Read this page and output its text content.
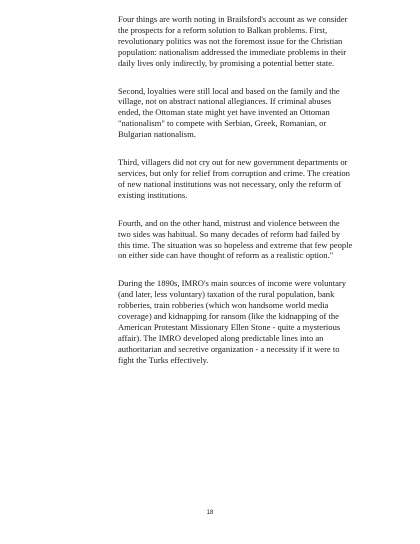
Four things are worth noting in Brailsford's account as we consider the prospects for a reform solution to Balkan problems. First, revolutionary politics was not the foremost issue for the Christian population: nationalism addressed the immediate problems in their daily lives only indirectly, by promising a potential better state.

Second, loyalties were still local and based on the family and the village, not on abstract national allegiances. If criminal abuses ended, the Ottoman state might yet have invented an Ottoman "nationalism" to compete with Serbian, Greek, Romanian, or Bulgarian nationalism.

Third, villagers did not cry out for new government departments or services, but only for relief from corruption and crime. The creation of new national institutions was not necessary, only the reform of existing institutions.

Fourth, and on the other hand, mistrust and violence between the two sides was habitual. So many decades of reform had failed by this time. The situation was so hopeless and extreme that few people on either side can have thought of reform as a realistic option."

During the 1890s, IMRO's main sources of income were voluntary (and later, less voluntary) taxation of the rural population, bank robberies, train robberies (which won handsome world media coverage) and kidnapping for ransom (like the kidnapping of the American Protestant Missionary Ellen Stone - quite a mysterious affair). The IMRO developed along predictable lines into an authoritarian and secretive organization - a necessity if it were to fight the Turks effectively.

18
